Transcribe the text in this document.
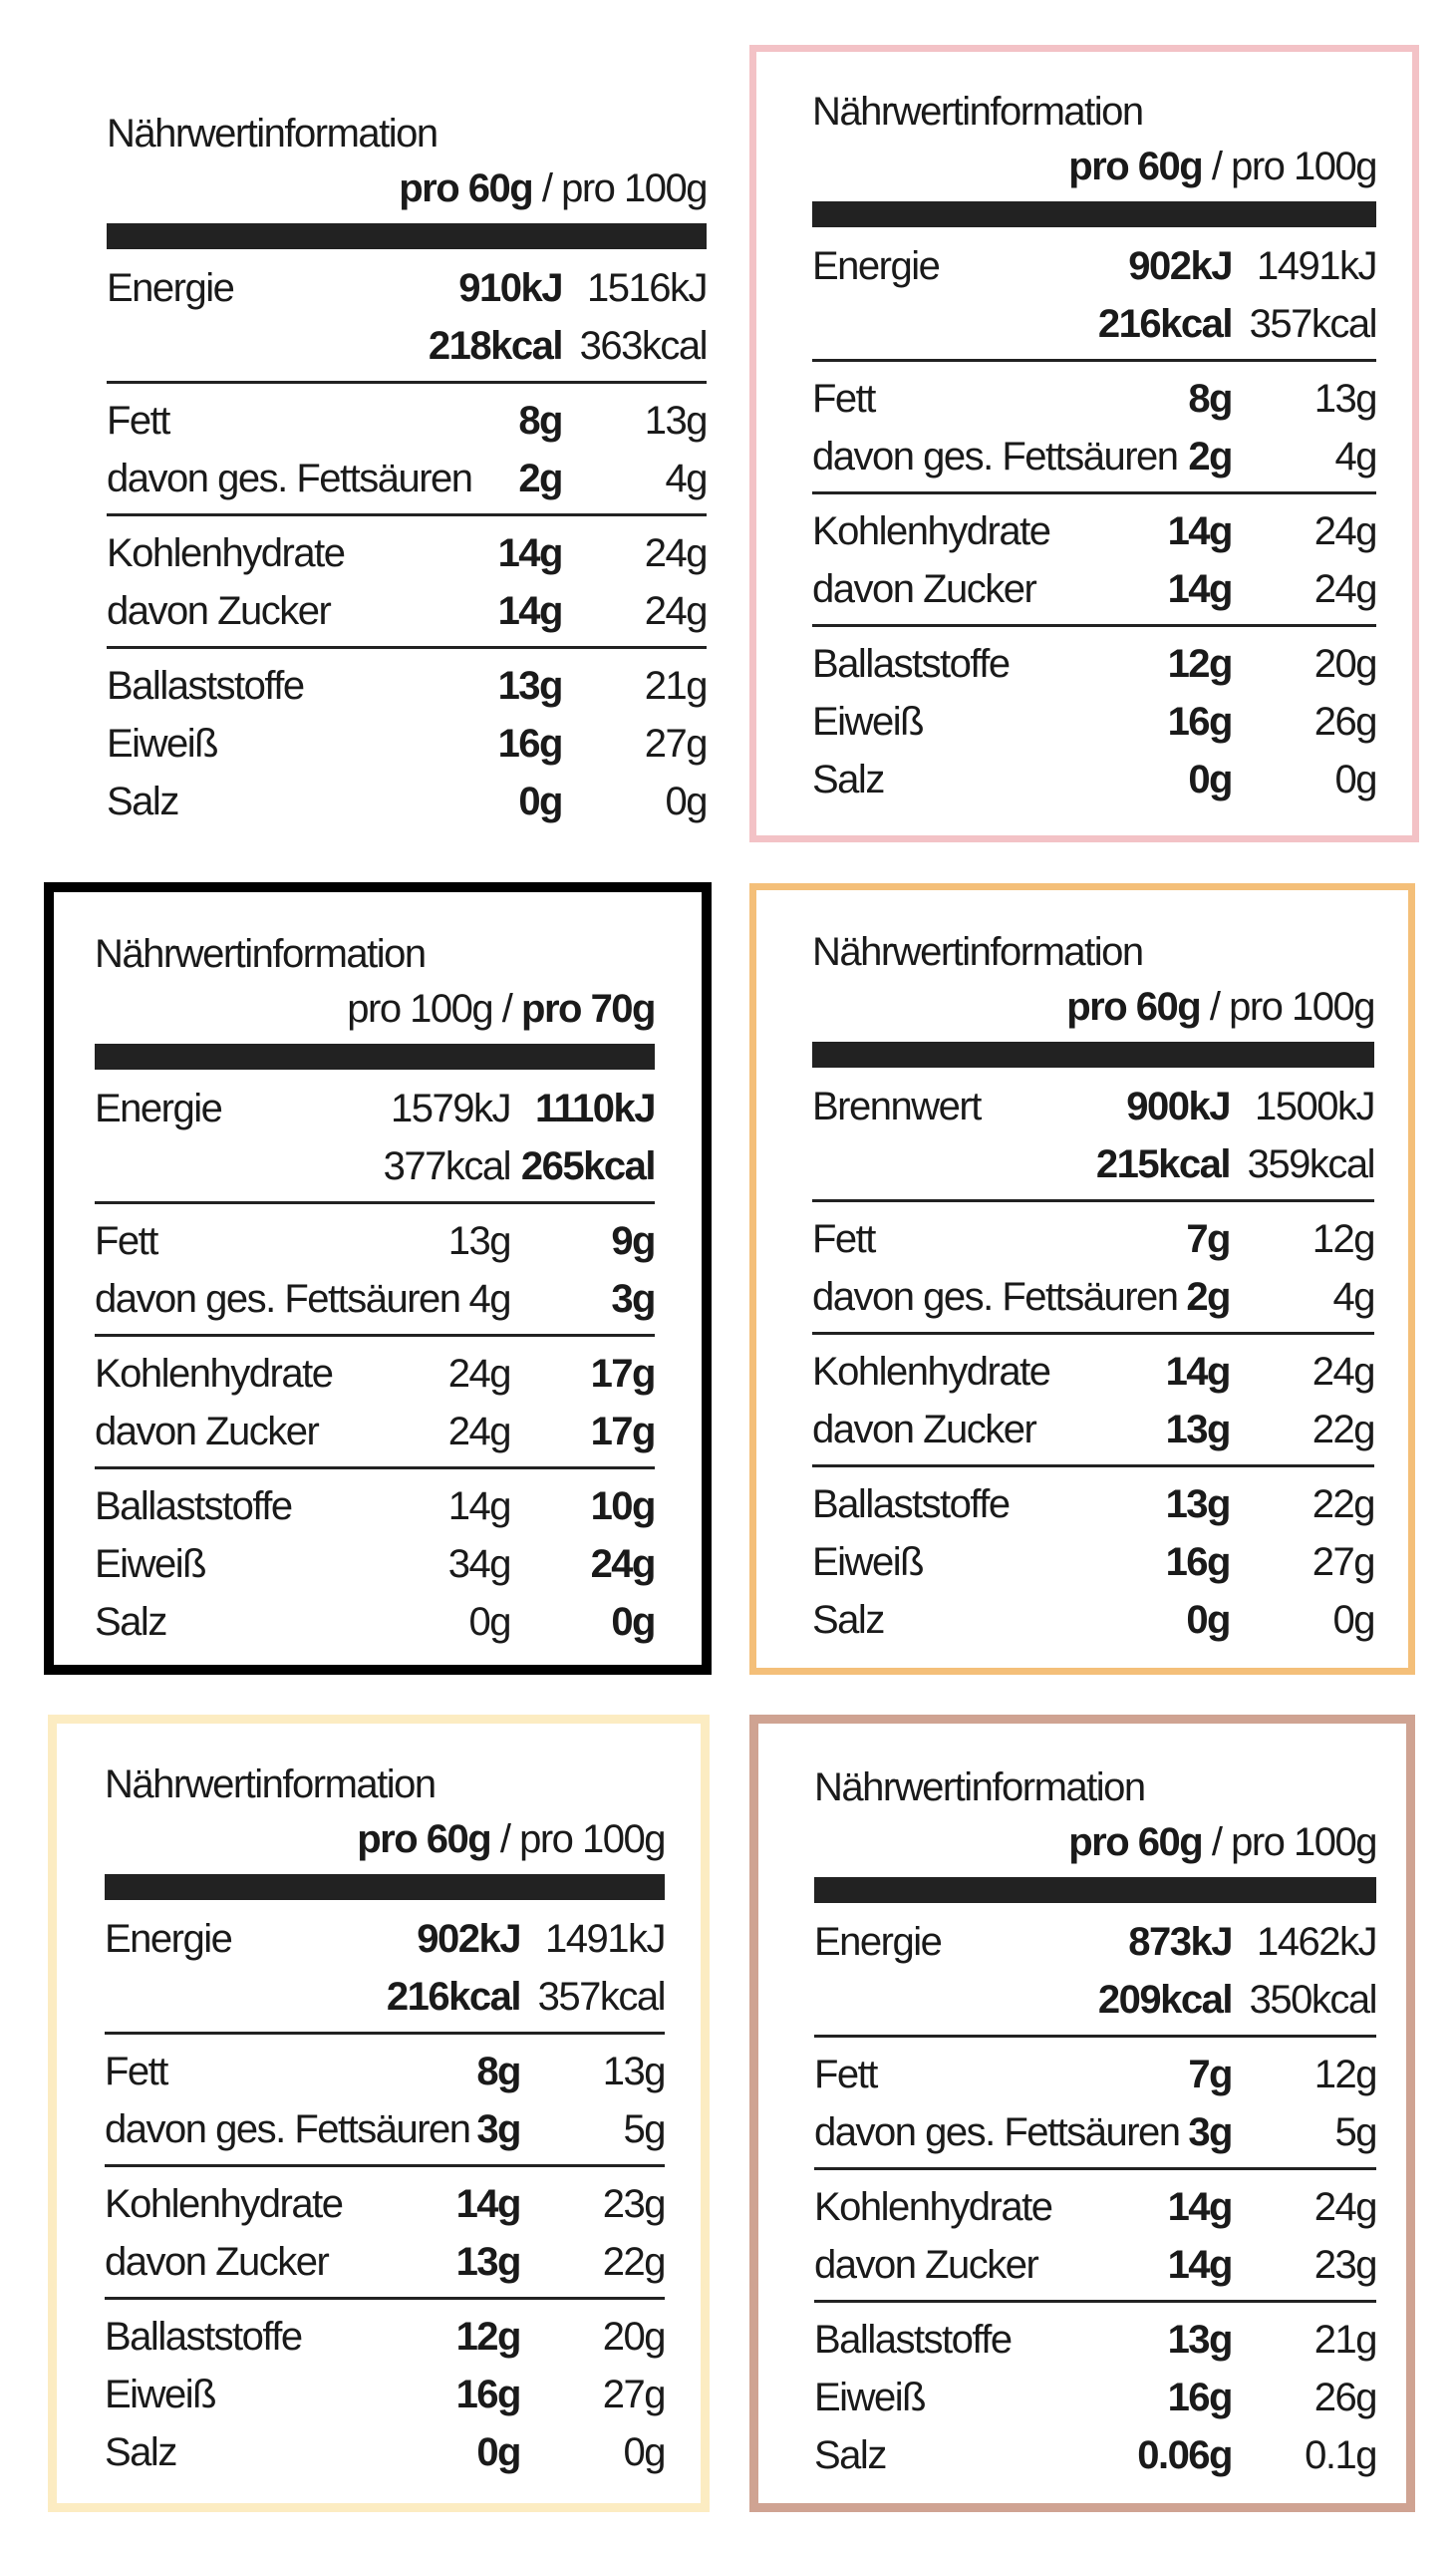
Nährwertinformation
pro 60g / pro 100g
Energie	910kJ 1516kJ
218kcal 363kcal
Fett	8g 13g
davon ges. Fettsäuren 2g	4g
Kohlenhydrate	14g 24g
davon Zucker	14g 24g
Ballaststoffe	13g 21g
Eiweiß	16g 27g
Salz	0g	0g
Nährwertinformation
pro 60g / pro 100g
Energie	902kJ 1491kJ
216kcal 357kcal
Fett	8g 13g
davon ges. Fettsäuren 2g	4g
Kohlenhydrate	14g 24g
davon Zucker	14g 24g
Ballaststoffe	12g 20g
Eiweiß	16g 26g
Salz	0g	0g
Nährwertinformation
pro 100g / pro 70g
Energie	1579kJ 1110kJ
377kcal 265kcal
Fett	13g	9g
davon ges. Fettsäuren 4g	3g
Kohlenhydrate	24g 17g
davon Zucker	24g 17g
Ballaststoffe	14g 10g
Eiweiß	34g 24g
Salz	0g	0g
Nährwertinformation
pro 60g / pro 100g
Brennwert	900kJ 1500kJ
215kcal 359kcal
Fett	7g 12g
davon ges. Fettsäuren 2g	4g
Kohlenhydrate	14g 24g
davon Zucker	13g 22g
Ballaststoffe	13g 22g
Eiweiß	16g 27g
Salz	0g	0g
Nährwertinformation
pro 60g / pro 100g
Energie	902kJ 1491kJ
216kcal 357kcal
Fett	8g 13g
davon ges. Fettsäuren 3g	5g
Kohlenhydrate	14g 23g
davon Zucker	13g 22g
Ballaststoffe	12g 20g
Eiweiß	16g 27g
Salz	0g	0g
Nährwertinformation
pro 60g / pro 100g
Energie	873kJ 1462kJ
209kcal 350kcal
Fett	7g 12g
davon ges. Fettsäuren 3g	5g
Kohlenhydrate	14g 24g
davon Zucker	14g 23g
Ballaststoffe	13g 21g
Eiweiß	16g 26g
Salz	0.06g 0.1g
